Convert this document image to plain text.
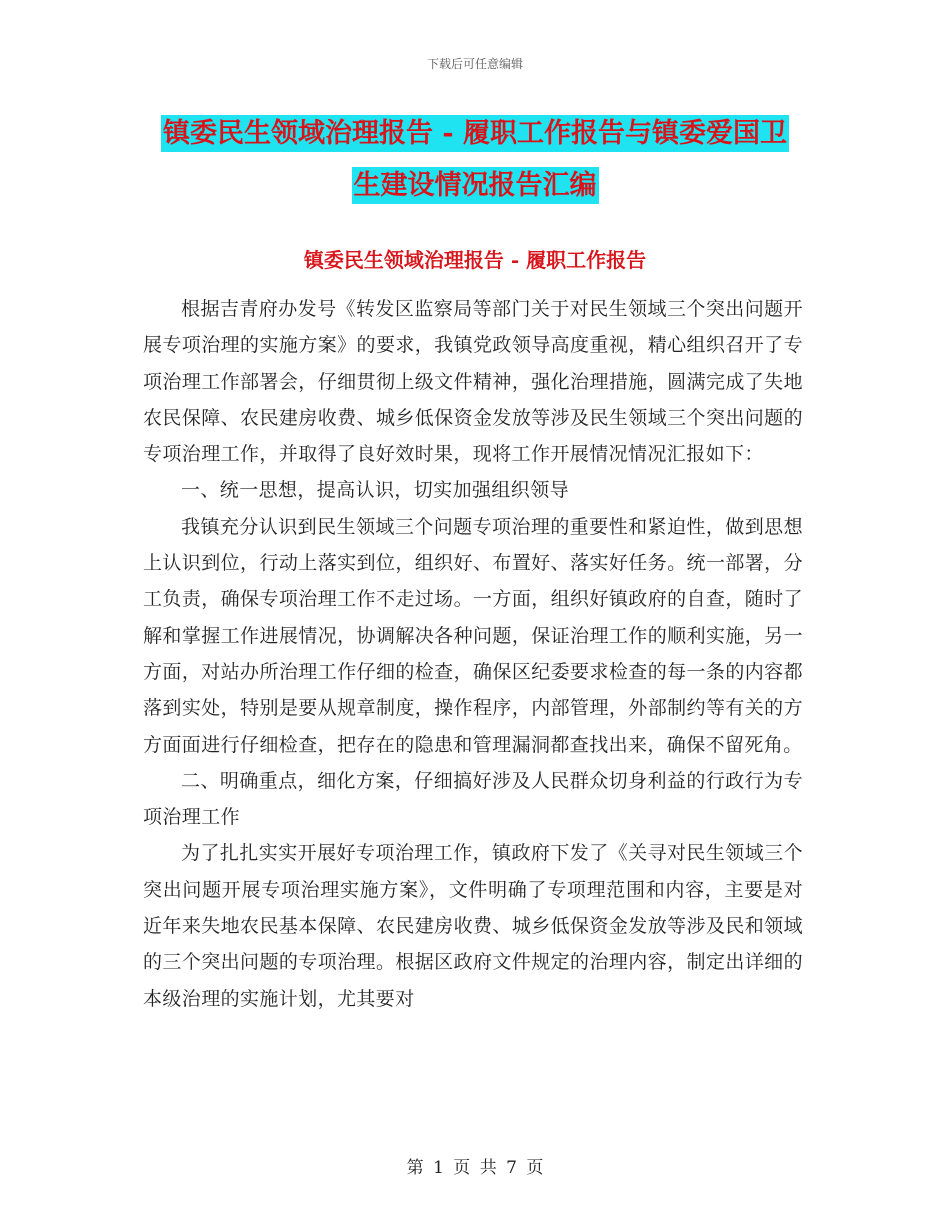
下载后可任意编辑
镇委民生领域治理报告 - 履职工作报告与镇委爱国卫
生建设情况报告汇编
镇委民生领域治理报告 - 履职工作报告

根据吉青府办发号《转发区监察局等部门关于对民生领域三个突出问题开展专项治理的实施方案》的要求，我镇党政领导高度重视，精心组织召开了专项治理工作部署会，仔细贯彻上级文件精神，强化治理措施，圆满完成了失地农民保障、农民建房收费、城乡低保资金发放等涉及民生领域三个突出问题的专项治理工作，并取得了良好效时果，现将工作开展情况情况汇报如下：

一、统一思想，提高认识，切实加强组织领导

我镇充分认识到民生领域三个问题专项治理的重要性和紧迫性，做到思想上认识到位，行动上落实到位，组织好、布置好、落实好任务。统一部署，分工负责，确保专项治理工作不走过场。一方面，组织好镇政府的自查，随时了解和掌握工作进展情况，协调解决各种问题，保证治理工作的顺利实施，另一方面，对站办所治理工作仔细的检查，确保区纪委要求检查的每一条的内容都落到实处，特别是要从规章制度，操作程序，内部管理，外部制约等有关的方方面面进行仔细检查，把存在的隐患和管理漏洞都查找出来，确保不留死角。

二、明确重点，细化方案，仔细搞好涉及人民群众切身利益的行政行为专项治理工作

为了扎扎实实开展好专项治理工作，镇政府下发了《关寻对民生领域三个突出问题开展专项治理实施方案》，文件明确了专项理范围和内容，主要是对近年来失地农民基本保障、农民建房收费、城乡低保资金发放等涉及民和领域的三个突出问题的专项治理。根据区政府文件规定的治理内容，制定出详细的本级治理的实施计划，尤其要对

第 1 页 共 7 页
